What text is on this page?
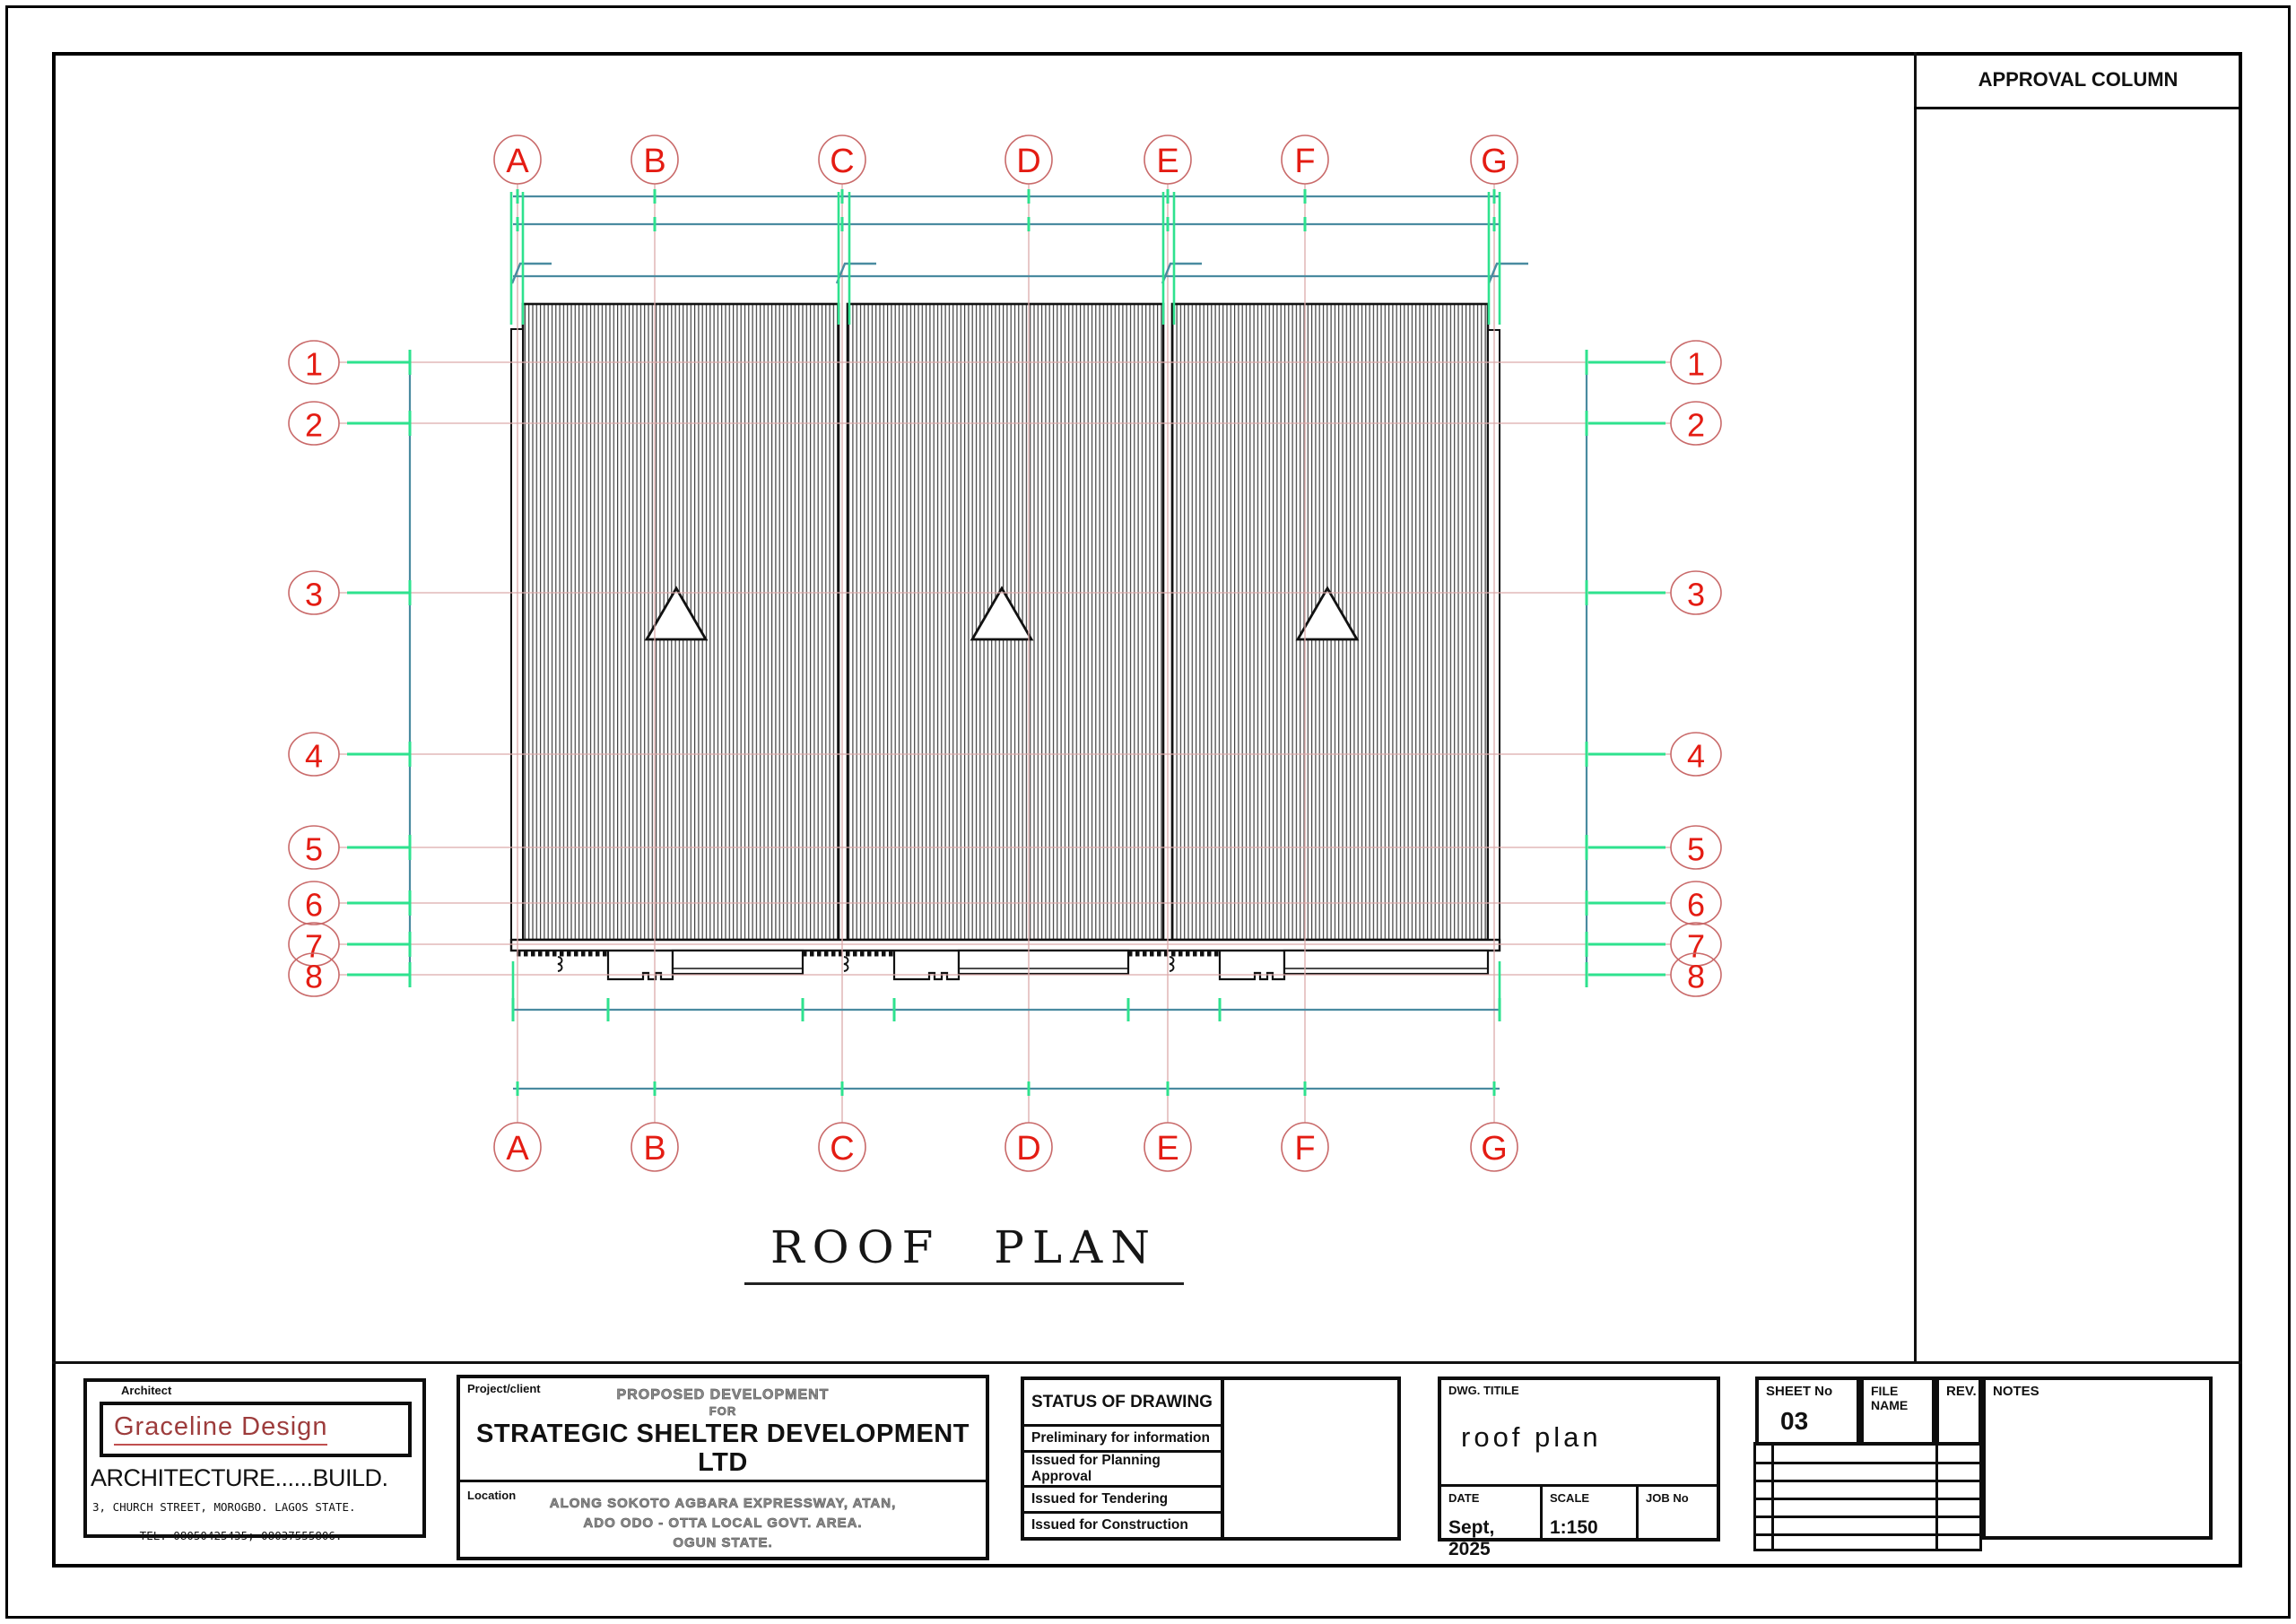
A
A
B
B
C
C
D
D
E
E
F
F
G
G
1	1
2	2
3	3
4	4
5	5
6	6
7	7
8	8
ROOF PLAN
APPROVAL COLUMN
Architect
Graceline Design
ARCHITECTURE......BUILD.
3, CHURCH STREET, MOROGBO. LAGOS STATE.

TEL. 08050425435; 08037555806.
Project/client	PROPOSED DEVELOPMENT
FOR
STRATEGIC SHELTER DEVELOPMENT
LTD
Location
ALONG SOKOTO AGBARA EXPRESSWAY, ATAN,
ADO ODO - OTTA LOCAL GOVT. AREA.
OGUN STATE.
STATUS OF DRAWING
Preliminary for information
Issued for Planning Approval
Issued for Tendering
Issued for Construction
DWG. TITILE
roof plan
DATE
Sept, 2025
SCALE
1:150
JOB No
SHEET No
03
FILE NAME
REV. NOTES
